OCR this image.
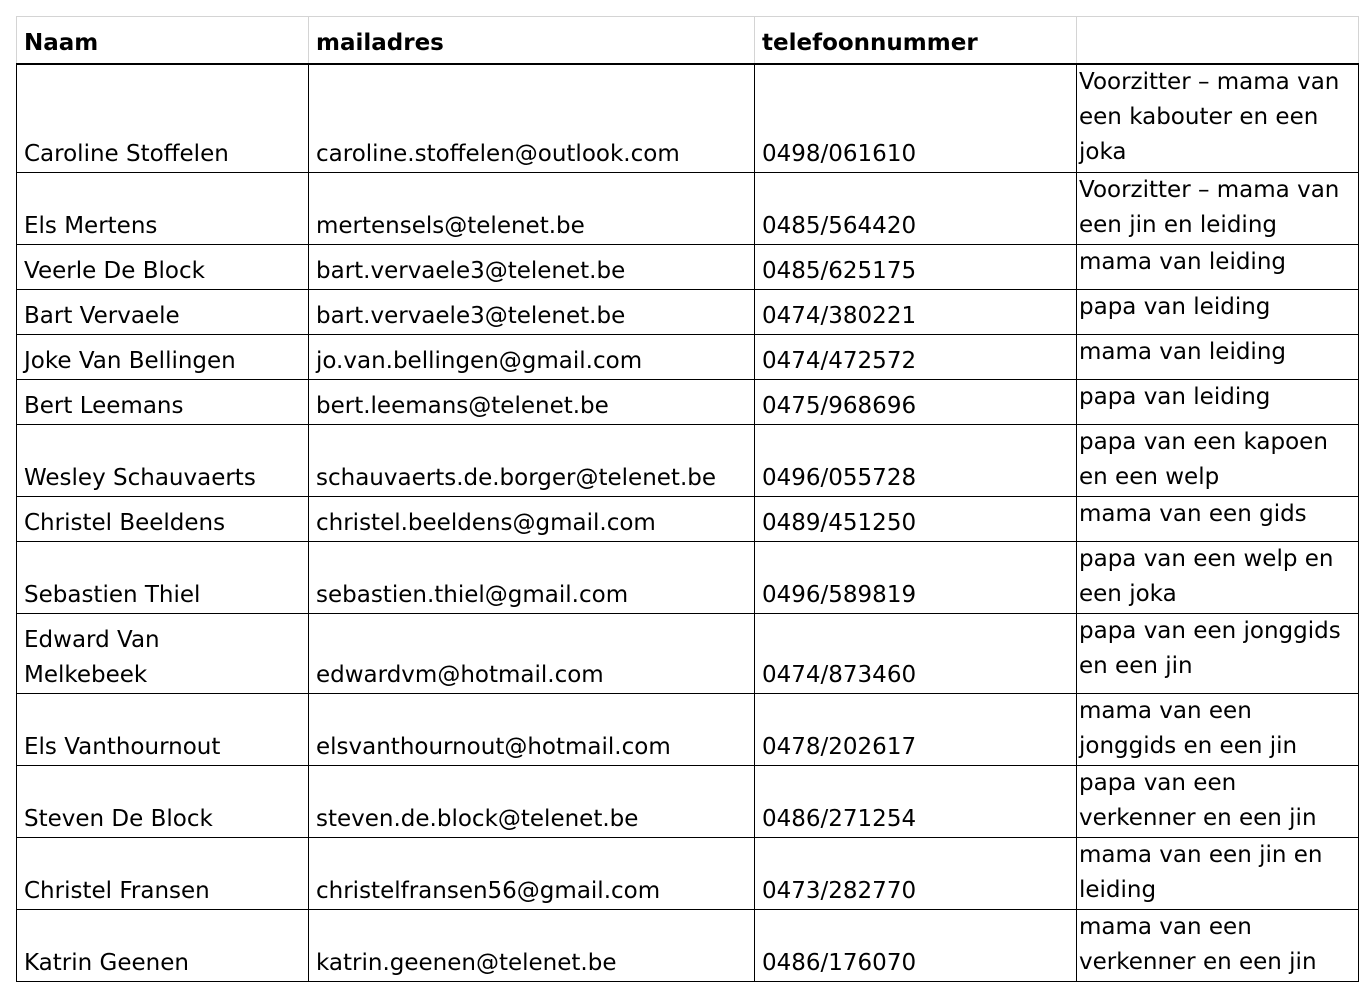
Naam	mailadres	telefoonnummer	
Caroline Stoffelen	caroline.stoffelen@outlook.com	0498/061610	Voorzitter – mama van een kabouter en een joka
Els Mertens	mertensels@telenet.be	0485/564420	Voorzitter – mama van een jin en leiding
Veerle De Block	bart.vervaele3@telenet.be	0485/625175	mama van leiding
Bart Vervaele	bart.vervaele3@telenet.be	0474/380221	papa van leiding
Joke Van Bellingen	jo.van.bellingen@gmail.com	0474/472572	mama van leiding
Bert Leemans	bert.leemans@telenet.be	0475/968696	papa van leiding
Wesley Schauvaerts	schauvaerts.de.borger@telenet.be	0496/055728	papa van een kapoen en een welp
Christel Beeldens	christel.beeldens@gmail.com	0489/451250	mama van een gids
Sebastien Thiel	sebastien.thiel@gmail.com	0496/589819	papa van een welp en een joka
Edward Van Melkebeek	edwardvm@hotmail.com	0474/873460	papa van een jonggids en een jin
Els Vanthournout	elsvanthournout@hotmail.com	0478/202617	mama van een jonggids en een jin
Steven De Block	steven.de.block@telenet.be	0486/271254	papa van een verkenner en een jin
Christel Fransen	christelfransen56@gmail.com	0473/282770	mama van een jin en leiding
Katrin Geenen	katrin.geenen@telenet.be	0486/176070	mama van een verkenner en een jin
